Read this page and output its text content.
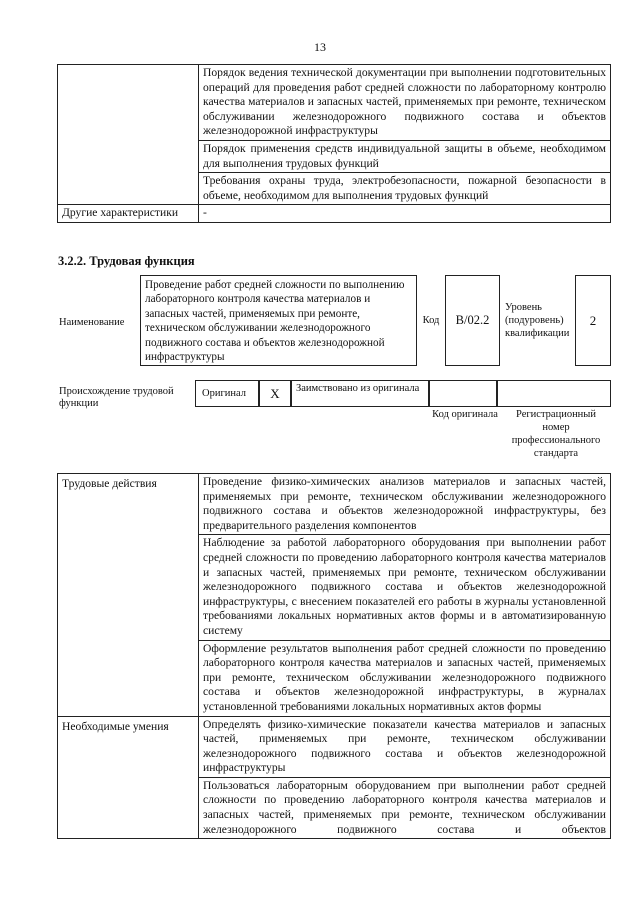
13
	Порядок ведения технической документации при выполнении подготовительных операций для проведения работ средней сложности по лабораторному контролю качества материалов и запасных частей, применяемых при ремонте, техническом обслуживании железнодорожного подвижного состава и объектов железнодорожной инфраструктуры
	Порядок применения средств индивидуальной защиты в объеме, необходимом для выполнения трудовых функций
	Требования охраны труда, электробезопасности, пожарной безопасности в объеме, необходимом для выполнения трудовых функций
Другие характеристики	-
3.2.2. Трудовая функция
Наименование
Проведение работ средней сложности по выполнению лабораторного контроля качества материалов и запасных частей, применяемых при ремонте, техническом обслуживании железнодорожного подвижного состава и объектов железнодорожной инфраструктуры
Код	B/02.2
Уровень (подуровень) квалификации
2
Происхождение трудовой функции
Оригинал	X	Заимствовано из оригинала
Код оригинала	Регистрационный номер профессионального стандарта
Трудовые действия	Проведение физико-химических анализов материалов и запасных частей, применяемых при ремонте, техническом обслуживании железнодорожного подвижного состава и объектов железнодорожной инфраструктуры, без предварительного разделения компонентов
	Наблюдение за работой лабораторного оборудования при выполнении работ средней сложности по проведению лабораторного контроля качества материалов и запасных частей, применяемых при ремонте, техническом обслуживании железнодорожного подвижного состава и объектов железнодорожной инфраструктуры, с внесением показателей его работы в журналы установленной требованиями локальных нормативных актов формы и в автоматизированную систему
	Оформление результатов выполнения работ средней сложности по проведению лабораторного контроля качества материалов и запасных частей, применяемых при ремонте, техническом обслуживании железнодорожного подвижного состава и объектов железнодорожной инфраструктуры, в журналах установленной требованиями локальных нормативных актов формы
Необходимые умения	Определять физико-химические показатели качества материалов и запасных частей, применяемых при ремонте, техническом обслуживании железнодорожного подвижного состава и объектов железнодорожной инфраструктуры
	Пользоваться лабораторным оборудованием при выполнении работ средней сложности по проведению лабораторного контроля качества материалов и запасных частей, применяемых при ремонте, техническом обслуживании железнодорожного подвижного состава и объектов
